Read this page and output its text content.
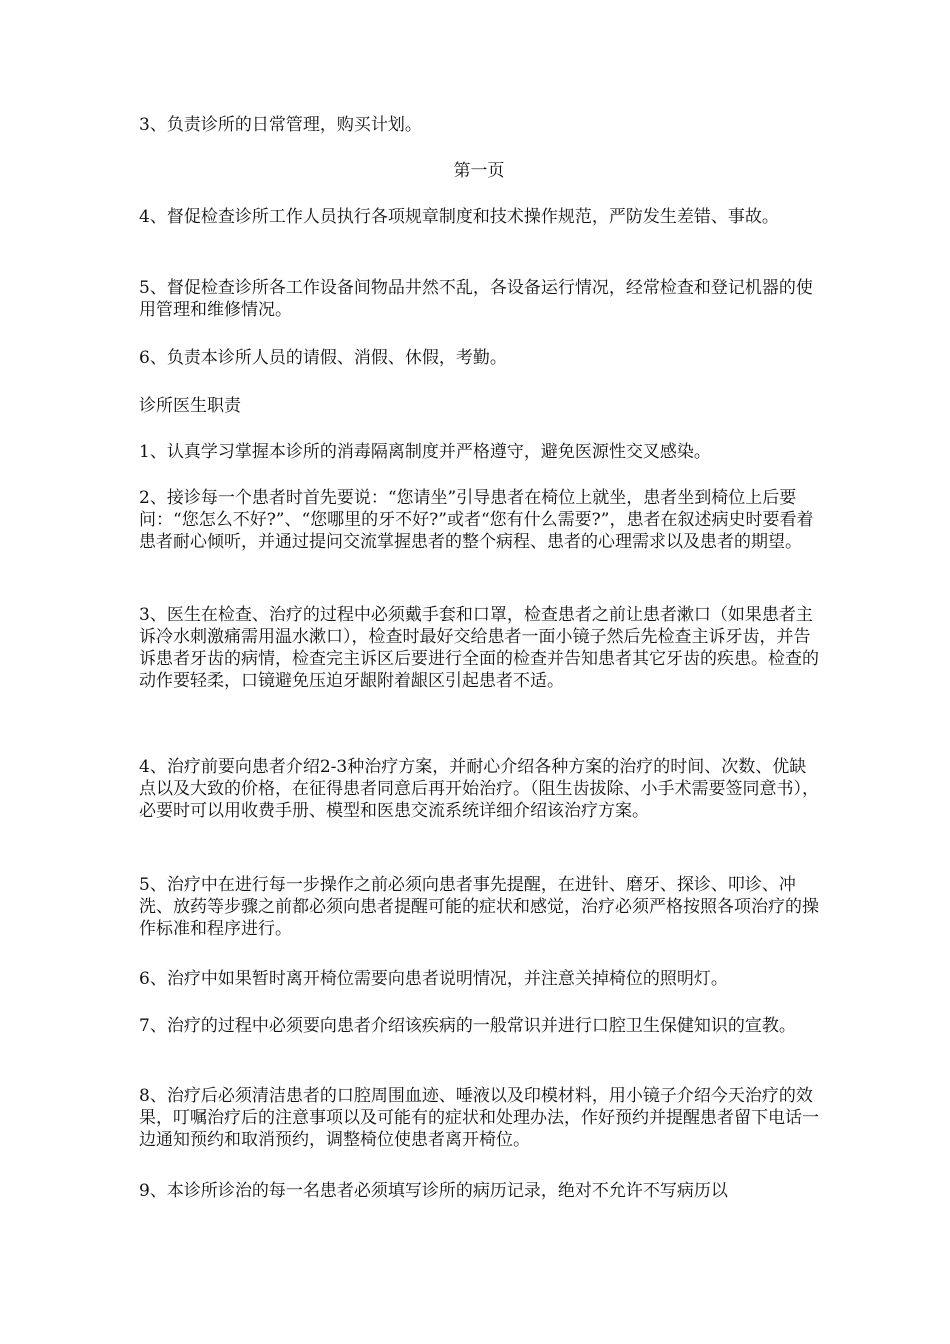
3、负责诊所的日常管理，购买计划。

第一页

4、督促检查诊所工作人员执行各项规章制度和技术操作规范，严防发生差错、事故。

5、督促检查诊所各工作设备间物品井然不乱，各设备运行情况，经常检查和登记机器的使用管理和维修情况。

6、负责本诊所人员的请假、消假、休假，考勤。

诊所医生职责

1、认真学习掌握本诊所的消毒隔离制度并严格遵守，避免医源性交叉感染。

2、接诊每一个患者时首先要说：“您请坐”引导患者在椅位上就坐，患者坐到椅位上后要问：“您怎么不好?”、“您哪里的牙不好?”或者“您有什么需要?”，患者在叙述病史时要看着患者耐心倾听，并通过提问交流掌握患者的整个病程、患者的心理需求以及患者的期望。

3、医生在检查、治疗的过程中必须戴手套和口罩，检查患者之前让患者漱口（如果患者主诉冷水刺激痛需用温水漱口），检查时最好交给患者一面小镜子然后先检查主诉牙齿，并告诉患者牙齿的病情，检查完主诉区后要进行全面的检查并告知患者其它牙齿的疾患。检查的动作要轻柔，口镜避免压迫牙龈附着龈区引起患者不适。

4、治疗前要向患者介绍2-3种治疗方案，并耐心介绍各种方案的治疗的时间、次数、优缺点以及大致的价格，在征得患者同意后再开始治疗。（阻生齿拔除、小手术需要签同意书），必要时可以用收费手册、模型和医患交流系统详细介绍该治疗方案。

5、治疗中在进行每一步操作之前必须向患者事先提醒，在进针、磨牙、探诊、叩诊、冲洗、放药等步骤之前都必须向患者提醒可能的症状和感觉，治疗必须严格按照各项治疗的操作标准和程序进行。

6、治疗中如果暂时离开椅位需要向患者说明情况，并注意关掉椅位的照明灯。

7、治疗的过程中必须要向患者介绍该疾病的一般常识并进行口腔卫生保健知识的宣教。

8、治疗后必须清洁患者的口腔周围血迹、唾液以及印模材料，用小镜子介绍今天治疗的效果，叮嘱治疗后的注意事项以及可能有的症状和处理办法，作好预约并提醒患者留下电话一边通知预约和取消预约，调整椅位使患者离开椅位。

9、本诊所诊治的每一名患者必须填写诊所的病历记录，绝对不允许不写病历以
